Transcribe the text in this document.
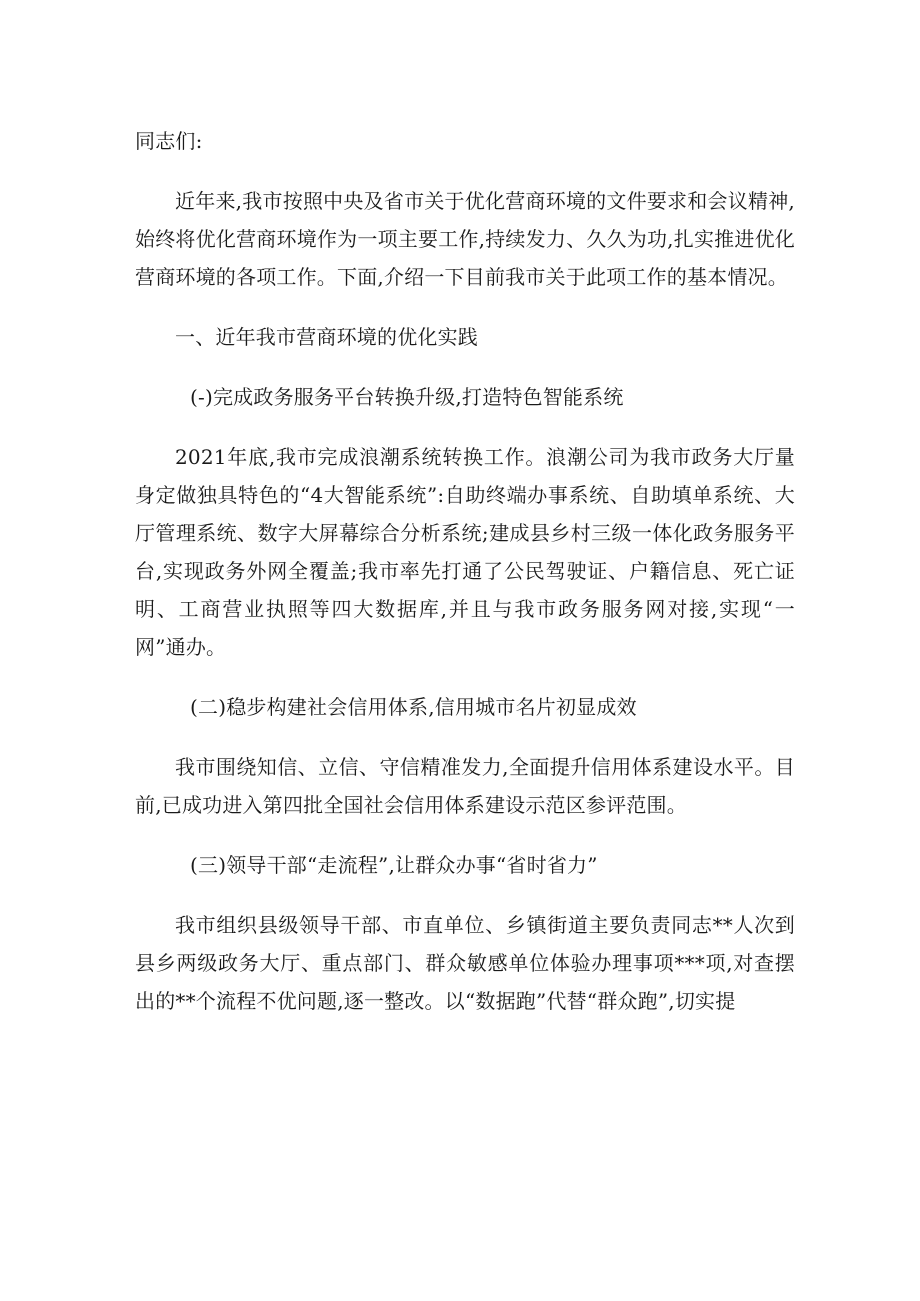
同志们:

近年来,我市按照中央及省市关于优化营商环境的文件要求和会议精神,始终将优化营商环境作为一项主要工作,持续发力、久久为功,扎实推进优化营商环境的各项工作。下面,介绍一下目前我市关于此项工作的基本情况。

一、近年我市营商环境的优化实践

(-)完成政务服务平台转换升级,打造特色智能系统

2021年底,我市完成浪潮系统转换工作。浪潮公司为我市政务大厅量身定做独具特色的“4大智能系统”:自助终端办事系统、自助填单系统、大厅管理系统、数字大屏幕综合分析系统;建成县乡村三级一体化政务服务平台,实现政务外网全覆盖;我市率先打通了公民驾驶证、户籍信息、死亡证明、工商营业执照等四大数据库,并且与我市政务服务网对接,实现“一网”通办。

(二)稳步构建社会信用体系,信用城市名片初显成效

我市围绕知信、立信、守信精准发力,全面提升信用体系建设水平。目前,已成功进入第四批全国社会信用体系建设示范区参评范围。

(三)领导干部“走流程”,让群众办事“省时省力”

我市组织县级领导干部、市直单位、乡镇街道主要负责同志**人次到县乡两级政务大厅、重点部门、群众敏感单位体验办理事项***项,对查摆出的**个流程不优问题,逐一整改。以“数据跑”代替“群众跑”,切实提
